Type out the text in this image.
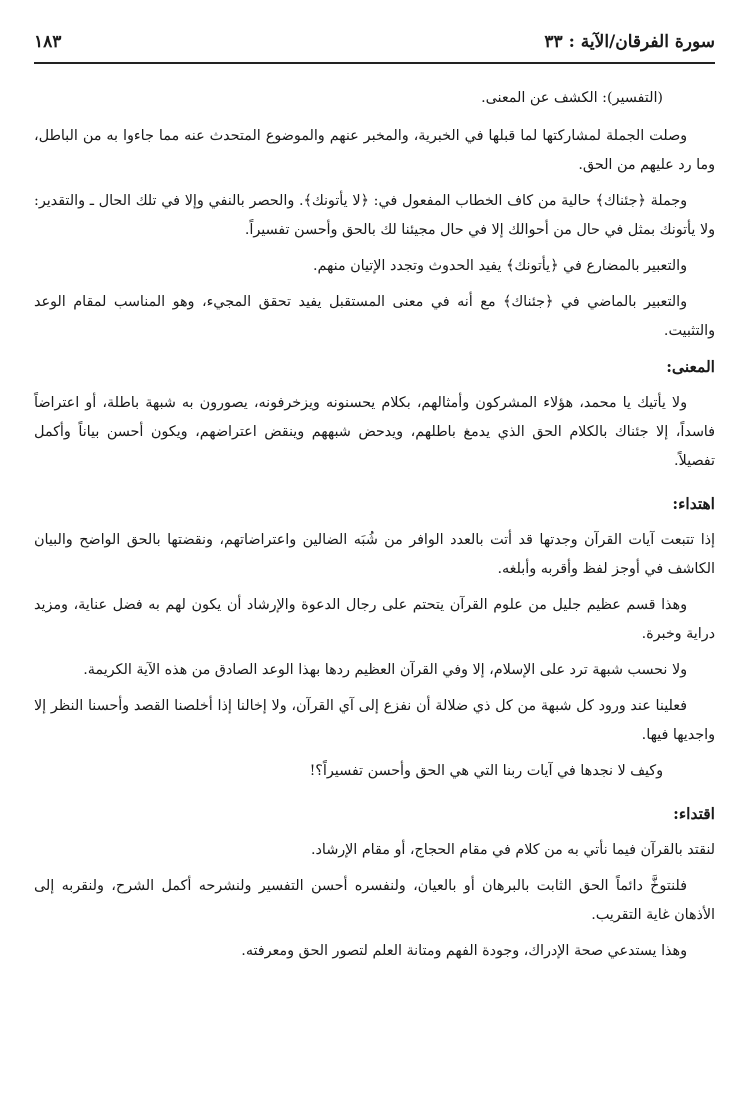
سورة الفرقان/الآية : ٣٣
١٨٣

(التفسير): الكشف عن المعنى.

وصلت الجملة لمشاركتها لما قبلها في الخبرية، والمخبر عنهم والموضوع المتحدث عنه مما جاءوا به من الباطل، وما رد عليهم من الحق.

وجملة ﴿جئناك﴾ حالية من كاف الخطاب المفعول في: ﴿لا يأتونك﴾. والحصر بالنفي وإلا في تلك الحال ـ والتقدير: ولا يأتونك بمثل في حال من أحوالك إلا في حال مجيئنا لك بالحق وأحسن تفسيراً.

والتعبير بالمضارع في ﴿يأتونك﴾ يفيد الحدوث وتجدد الإتيان منهم.

والتعبير بالماضي في ﴿جئناك﴾ مع أنه في معنى المستقبل يفيد تحقق المجيء، وهو المناسب لمقام الوعد والتثبيت.

المعنى:

ولا يأتيك يا محمد، هؤلاء المشركون وأمثالهم، بكلام يحسنونه ويزخرفونه، يصورون به شبهة باطلة، أو اعتراضاً فاسداً، إلا جئناك بالكلام الحق الذي يدمغ باطلهم، ويدحض شبههم وينقض اعتراضهم، ويكون أحسن بياناً وأكمل تفصيلاً.

اهتداء:

إذا تتبعت آيات القرآن وجدتها قد أتت بالعدد الوافر من شُبَه الضالين واعتراضاتهم، ونقضتها بالحق الواضح والبيان الكاشف في أوجز لفظ وأقربه وأبلغه.

وهذا قسم عظيم جليل من علوم القرآن يتحتم على رجال الدعوة والإرشاد أن يكون لهم به فضل عناية، ومزيد دراية وخبرة.

ولا نحسب شبهة ترد على الإسلام، إلا وفي القرآن العظيم ردها بهذا الوعد الصادق من هذه الآية الكريمة.

فعلينا عند ورود كل شبهة من كل ذي ضلالة أن نفزع إلى آي القرآن، ولا إخالنا إذا أخلصنا القصد وأحسنا النظر إلا واجديها فيها.

وكيف لا نجدها في آيات ربنا التي هي الحق وأحسن تفسيراً؟!

اقتداء:

لنقتد بالقرآن فيما نأتي به من كلام في مقام الحجاج، أو مقام الإرشاد.

فلنتوخَّ دائماً الحق الثابت بالبرهان أو بالعيان، ولنفسره أحسن التفسير ولنشرحه أكمل الشرح، ولنقربه إلى الأذهان غاية التقريب.

وهذا يستدعي صحة الإدراك، وجودة الفهم ومتانة العلم لتصور الحق ومعرفته.
